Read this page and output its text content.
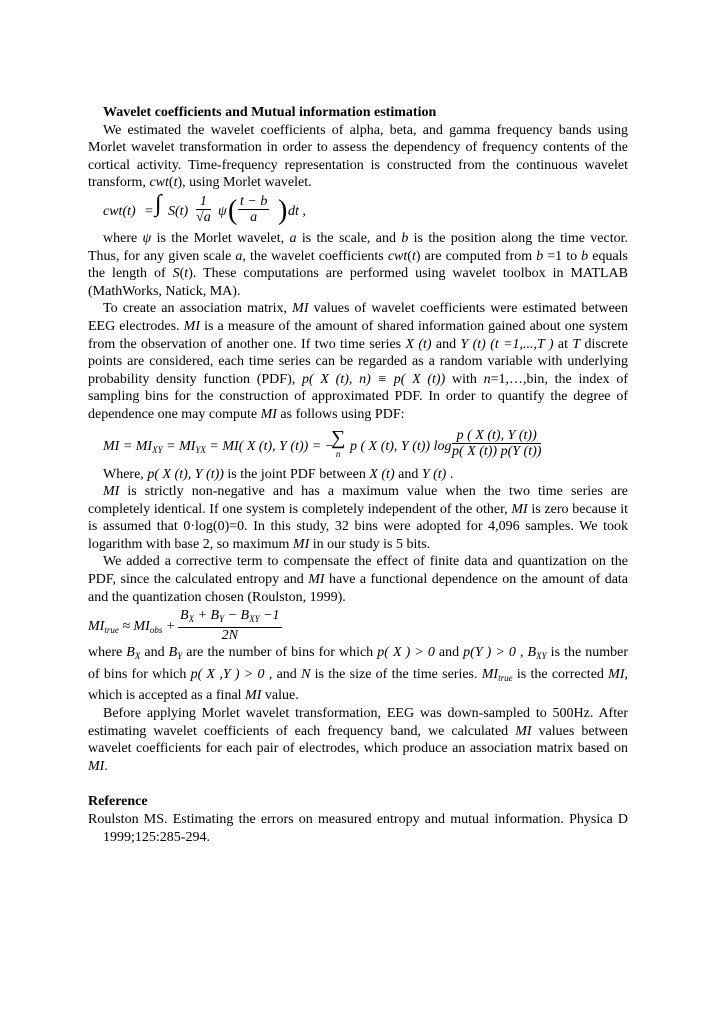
Wavelet coefficients and Mutual information estimation

We estimated the wavelet coefficients of alpha, beta, and gamma frequency bands using Morlet wavelet transformation in order to assess the dependency of frequency contents of the cortical activity. Time-frequency representation is constructed from the continuous wavelet transform, cwt(t), using Morlet wavelet.

cwt(t) = ∫ $S(t) \frac{1}{√a}$ ψ ( $\frac{t - b}{a}$ ) dt ,

where ψ is the Morlet wavelet, a is the scale, and b is the position along the time vector. Thus, for any given scale a, the wavelet coefficients cwt(t) are computed from b =1 to b equals the length of S(t). These computations are performed using wavelet toolbox in MATLAB (MathWorks, Natick, MA).

To create an association matrix, MI values of wavelet coefficients were estimated between EEG electrodes. MI is a measure of the amount of shared information gained about one system from the observation of another one. If two time series X (t) and Y (t) (t =1,...,T ) at T discrete points are considered, each time series can be regarded as a random variable with underlying probability density function (PDF), p( X (t), n) ≡ p( X (t)) with n=1,…,bin, the index of sampling bins for the construction of approximated PDF. In order to quantify the degree of dependence one may compute MI as follows using PDF:

MI = $MI_{XY} = MI_{YX} = MI$( X (t), Y (t)) = −
∑
n p ( X (t), Y (t)) $\log \frac{p ( X (t), Y (t))}{p( X (t)) p(Y (t))}$

Where, p( X (t), Y (t)) is the joint PDF between X (t) and Y (t) .

MI is strictly non-negative and has a maximum value when the two time series are completely identical. If one system is completely independent of the other, MI is zero because it is assumed that 0·log(0)=0. In this study, 32 bins were adopted for 4,096 samples. We took logarithm with base 2, so maximum MI in our study is 5 bits.

We added a corrective term to compensate the effect of finite data and quantization on the PDF, since the calculated entropy and MI have a functional dependence on the amount of data and the quantization chosen (Roulston, 1999).

$MI_{true} \approx MI_{obs}$ +
$B_X + B_Y - B_{XY} -1$
2N

where $B_X$ and $B_Y$ are the number of bins for which p( X ) > 0 and p(Y ) > 0 , $B_{XY}$ is the number of bins for which p( X ,Y ) > 0 , and N is the size of the time series. $MI_{true}$ is the corrected MI, which is accepted as a final MI value.

Before applying Morlet wavelet transformation, EEG was down-sampled to 500Hz. After estimating wavelet coefficients of each frequency band, we calculated MI values between wavelet coefficients for each pair of electrodes, which produce an association matrix based on MI.

Reference

Roulston MS. Estimating the errors on measured entropy and mutual information. Physica D 1999;125:285-294.
